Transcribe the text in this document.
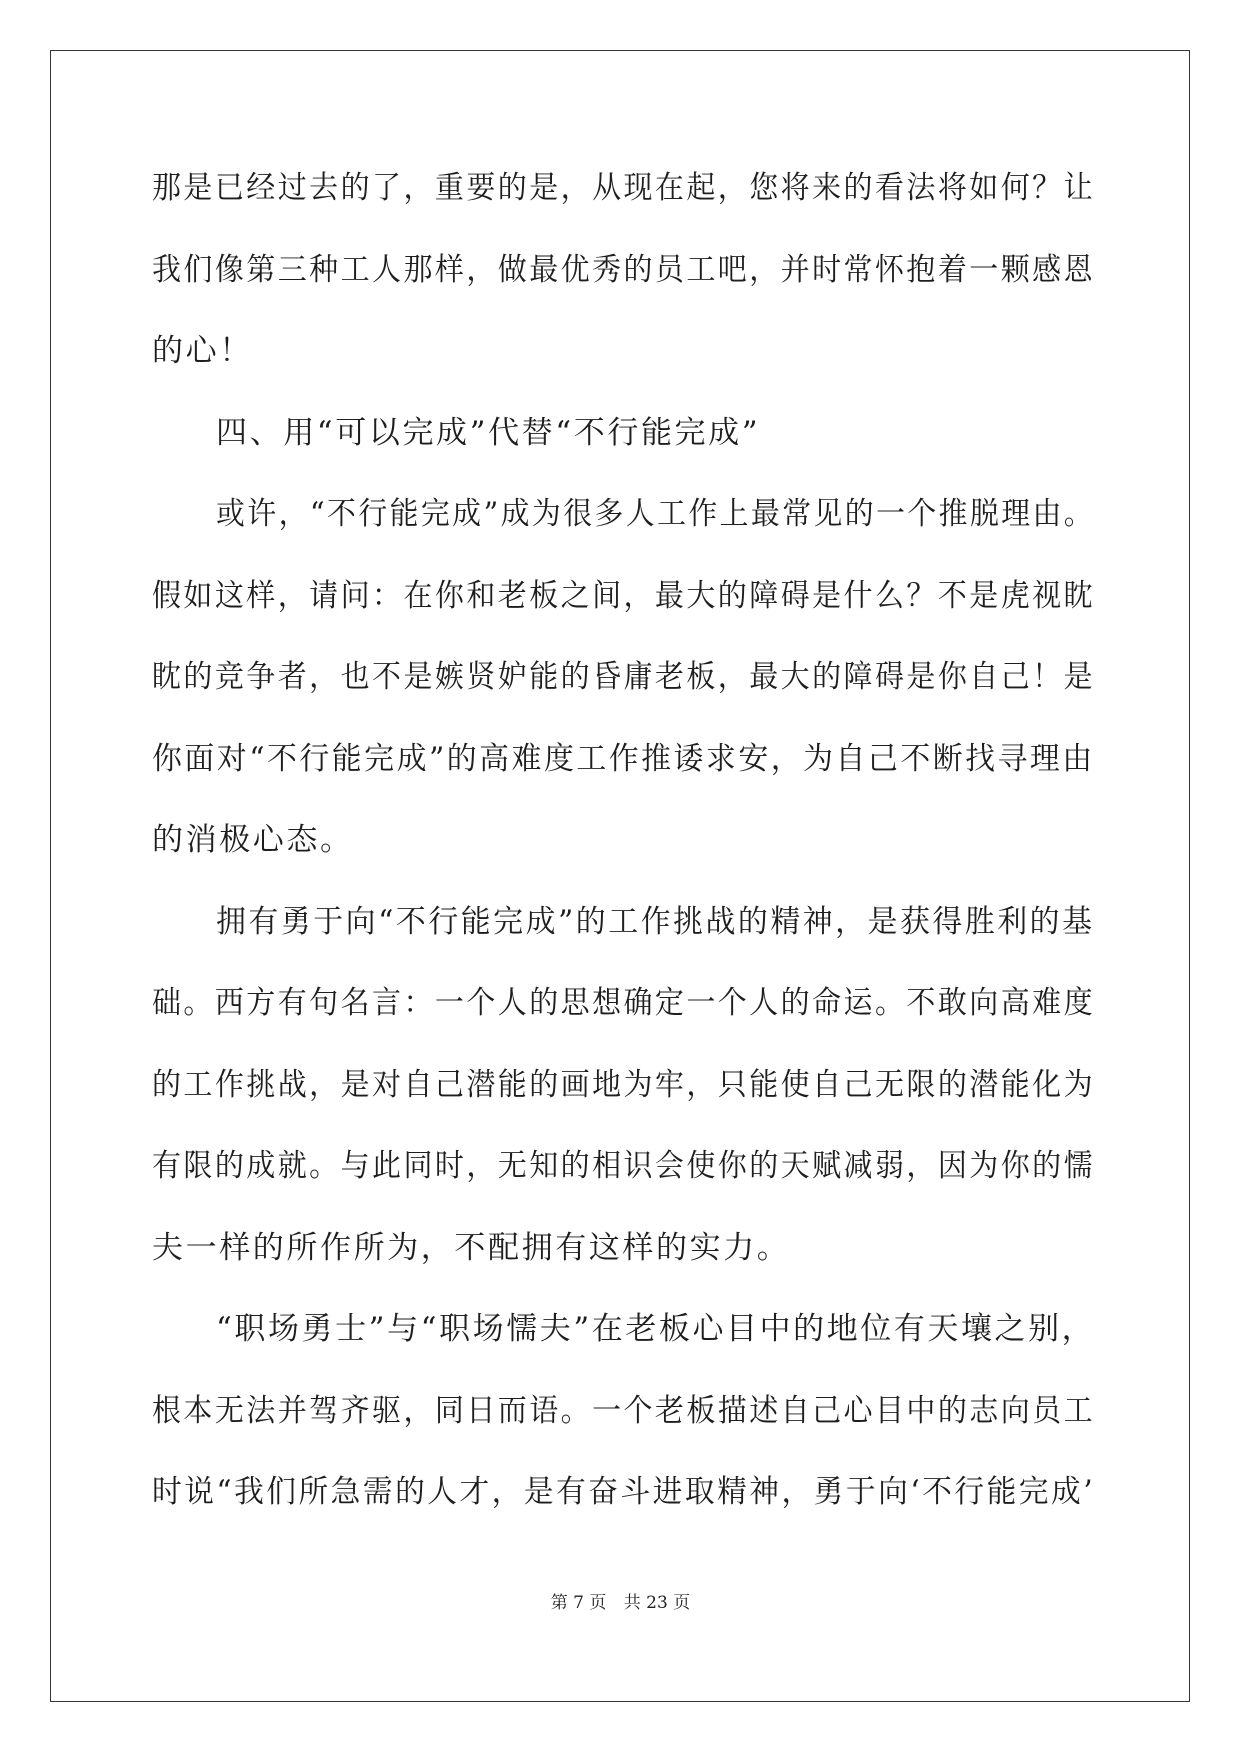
那是已经过去的了，重要的是，从现在起，您将来的看法将如何？让
我们像第三种工人那样，做最优秀的员工吧，并时常怀抱着一颗感恩
的心！
四、用“可以完成”代替“不行能完成”
或许，“不行能完成”成为很多人工作上最常见的一个推脱理由。
假如这样，请问：在你和老板之间，最大的障碍是什么？不是虎视眈
眈的竞争者，也不是嫉贤妒能的昏庸老板，最大的障碍是你自己！是
你面对“不行能完成”的高难度工作推诿求安，为自己不断找寻理由
的消极心态。
拥有勇于向“不行能完成”的工作挑战的精神，是获得胜利的基
础。西方有句名言：一个人的思想确定一个人的命运。不敢向高难度
的工作挑战，是对自己潜能的画地为牢，只能使自己无限的潜能化为
有限的成就。与此同时，无知的相识会使你的天赋减弱，因为你的懦
夫一样的所作所为，不配拥有这样的实力。
“职场勇士”与“职场懦夫”在老板心目中的地位有天壤之别，
根本无法并驾齐驱，同日而语。一个老板描述自己心目中的志向员工
时说“我们所急需的人才，是有奋斗进取精神，勇于向‘不行能完成’
第 7 页 共 23 页
